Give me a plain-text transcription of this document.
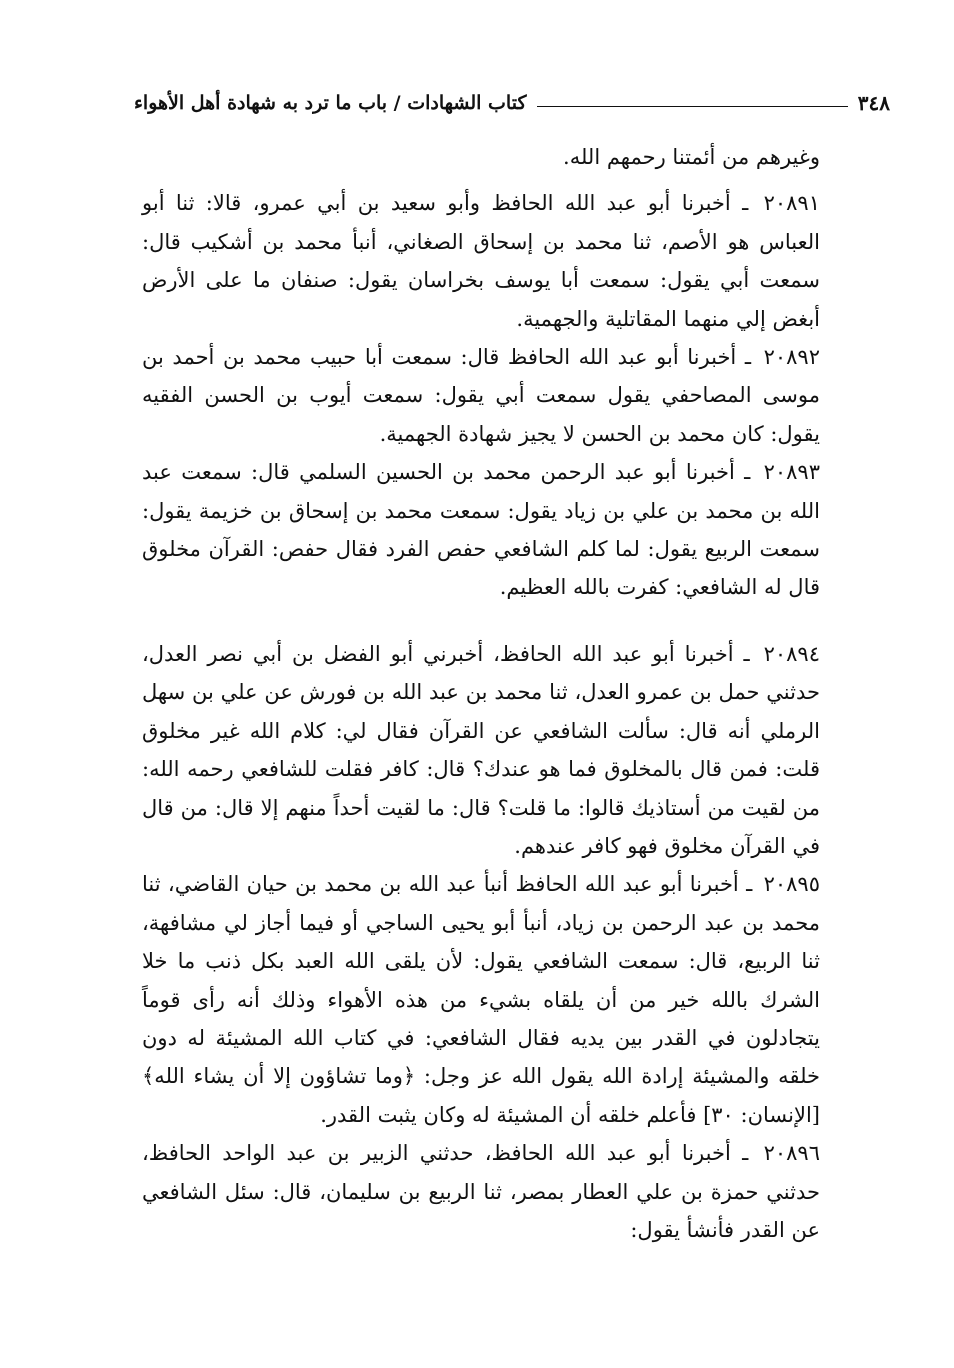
٣٤٨
كتاب الشهادات / باب ما ترد به شهادة أهل الأهواء

وغيرهم من أئمتنا رحمهم الله.

٢٠٨٩١ ـ أخبرنا أبو عبد الله الحافظ وأبو سعيد بن أبي عمرو، قالا: ثنا أبو العباس هو الأصم، ثنا محمد بن إسحاق الصغاني، أنبأ محمد بن أشكيب قال: سمعت أبي يقول: سمعت أبا يوسف بخراسان يقول: صنفان ما على الأرض أبغض إلي منهما المقاتلية والجهمية.

٢٠٨٩٢ ـ أخبرنا أبو عبد الله الحافظ قال: سمعت أبا حبيب محمد بن أحمد بن موسى المصاحفي يقول سمعت أبي يقول: سمعت أيوب بن الحسن الفقيه يقول: كان محمد بن الحسن لا يجيز شهادة الجهمية.

٢٠٨٩٣ ـ أخبرنا أبو عبد الرحمن محمد بن الحسين السلمي قال: سمعت عبد الله بن محمد بن علي بن زياد يقول: سمعت محمد بن إسحاق بن خزيمة يقول: سمعت الربيع يقول: لما كلم الشافعي حفص الفرد فقال حفص: القرآن مخلوق قال له الشافعي: كفرت بالله العظيم.

٢٠٨٩٤ ـ أخبرنا أبو عبد الله الحافظ، أخبرني أبو الفضل بن أبي نصر العدل، حدثني حمل بن عمرو العدل، ثنا محمد بن عبد الله بن فورش عن علي بن سهل الرملي أنه قال: سألت الشافعي عن القرآن فقال لي: كلام الله غير مخلوق قلت: فمن قال بالمخلوق فما هو عندك؟ قال: كافر فقلت للشافعي رحمه الله: من لقيت من أستاذيك قالوا: ما قلت؟ قال: ما لقيت أحداً منهم إلا قال: من قال في القرآن مخلوق فهو كافر عندهم.

٢٠٨٩٥ ـ أخبرنا أبو عبد الله الحافظ أنبأ عبد الله بن محمد بن حيان القاضي، ثنا محمد بن عبد الرحمن بن زياد، أنبأ أبو يحيى الساجي أو فيما أجاز لي مشافهة، ثنا الربيع، قال: سمعت الشافعي يقول: لأن يلقى الله العبد بكل ذنب ما خلا الشرك بالله خير من أن يلقاه بشيء من هذه الأهواء وذلك أنه رأى قوماً يتجادلون في القدر بين يديه فقال الشافعي: في كتاب الله المشيئة له دون خلقه والمشيئة إرادة الله يقول الله عز وجل: ﴿وما تشاؤون إلا أن يشاء الله﴾ [الإنسان: ٣٠] فأعلم خلقه أن المشيئة له وكان يثبت القدر.

٢٠٨٩٦ ـ أخبرنا أبو عبد الله الحافظ، حدثني الزبير بن عبد الواحد الحافظ، حدثني حمزة بن علي العطار بمصر، ثنا الربيع بن سليمان، قال: سئل الشافعي عن القدر فأنشأ يقول:
